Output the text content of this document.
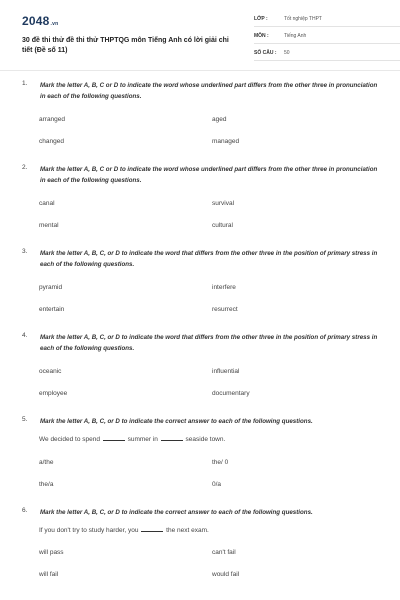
2048.vn
30 đề thi thử đề thi thử THPTQG môn Tiếng Anh có lời giải chi tiết (Đề số 11)
LỚP :	Tốt nghiệp THPT
MÔN :	Tiếng Anh
SỐ CÂU : 50
1. Mark the letter A, B, C or D to indicate the word whose underlined part differs from the other three in pronunciation in each of the following questions.
arranged	aged
changed	managed
2. Mark the letter A, B, C or D to indicate the word whose underlined part differs from the other three in pronunciation in each of the following questions.
canal	survival
mental	cultural
3. Mark the letter A, B, C, or D to indicate the word that differs from the other three in the position of primary stress in each of the following questions.
pyramid	interfere
entertain	resurrect
4. Mark the letter A, B, C, or D to indicate the word that differs from the other three in the position of primary stress in each of the following questions.
oceanic	influential
employee	documentary
5. Mark the letter A, B, C, or D to indicate the correct answer to each of the following questions.
We decided to spend	summer in	seaside town.
a/the	the/ 0
the/a	0/a
6. Mark the letter A, B, C, or D to indicate the correct answer to each of the following questions.
If you don't try to study harder, you	the next exam.
will pass	can't fail
will fail	would fail
